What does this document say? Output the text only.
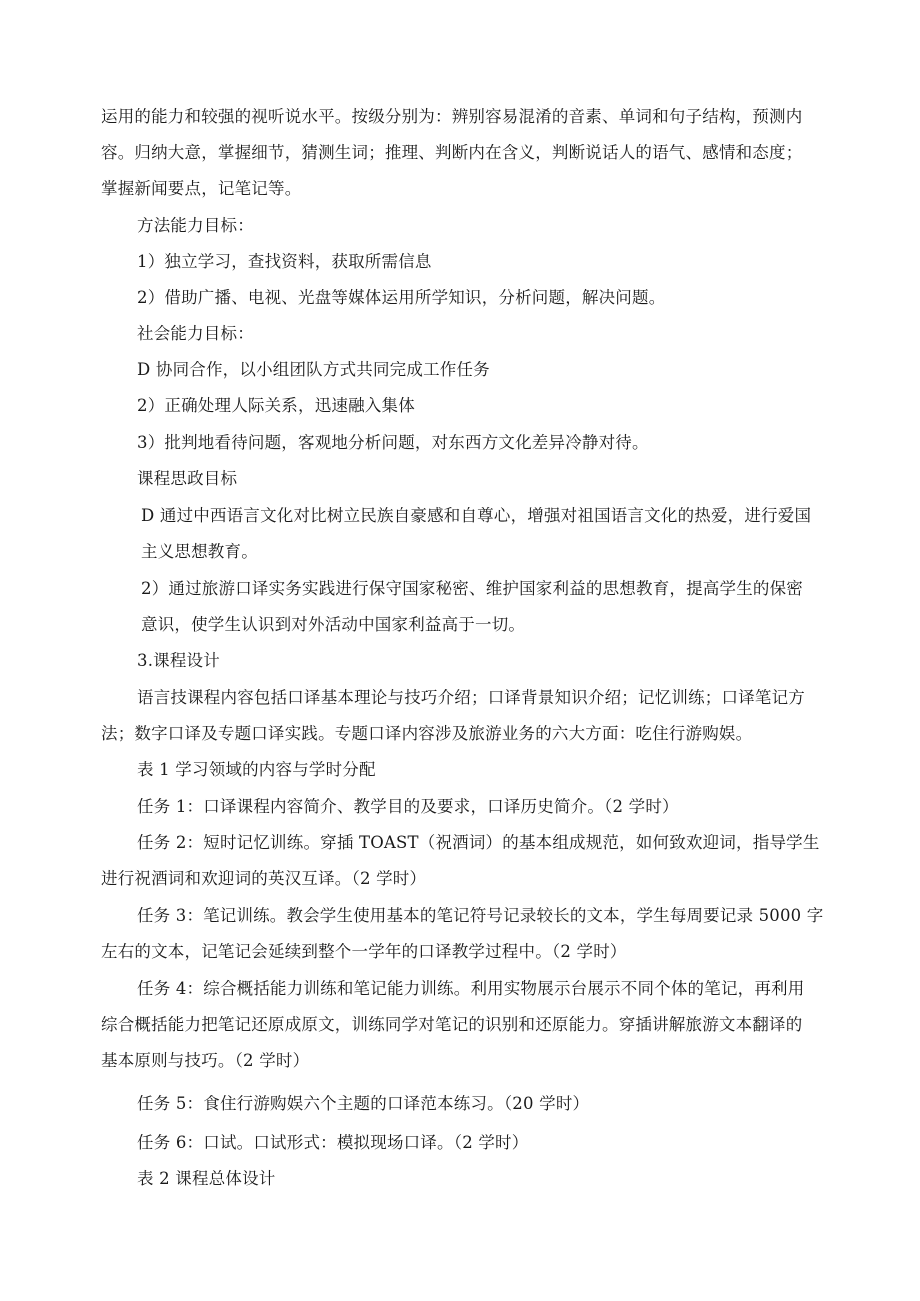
运用的能力和较强的视听说水平。按级分别为：辨别容易混淆的音素、单词和句子结构，预测内
容。归纳大意，掌握细节，猜测生词；推理、判断内在含义，判断说话人的语气、感情和态度；
掌握新闻要点，记笔记等。
方法能力目标：
1）独立学习，查找资料，获取所需信息
2）借助广播、电视、光盘等媒体运用所学知识，分析问题，解决问题。
社会能力目标：
D 协同合作，以小组团队方式共同完成工作任务
2）正确处理人际关系，迅速融入集体
3）批判地看待问题，客观地分析问题，对东西方文化差异冷静对待。
课程思政目标
D 通过中西语言文化对比树立民族自豪感和自尊心，增强对祖国语言文化的热爱，进行爱国
主义思想教育。
2）通过旅游口译实务实践进行保守国家秘密、维护国家利益的思想教育，提高学生的保密
意识，使学生认识到对外活动中国家利益高于一切。
3.课程设计
语言技课程内容包括口译基本理论与技巧介绍；口译背景知识介绍；记忆训练；口译笔记方
法；数字口译及专题口译实践。专题口译内容涉及旅游业务的六大方面：吃住行游购娱。
表 1 学习领域的内容与学时分配
任务 1：口译课程内容简介、教学目的及要求，口译历史简介。（2 学时）
任务 2：短时记忆训练。穿插 TOAST（祝酒词）的基本组成规范，如何致欢迎词，指导学生
进行祝酒词和欢迎词的英汉互译。（2 学时）
任务 3：笔记训练。教会学生使用基本的笔记符号记录较长的文本，学生每周要记录 5000 字
左右的文本，记笔记会延续到整个一学年的口译教学过程中。（2 学时）
任务 4：综合概括能力训练和笔记能力训练。利用实物展示台展示不同个体的笔记，再利用
综合概括能力把笔记还原成原文，训练同学对笔记的识别和还原能力。穿插讲解旅游文本翻译的
基本原则与技巧。（2 学时）
任务 5：食住行游购娱六个主题的口译范本练习。（20 学时）
任务 6：口试。口试形式：模拟现场口译。（2 学时）
表 2 课程总体设计
